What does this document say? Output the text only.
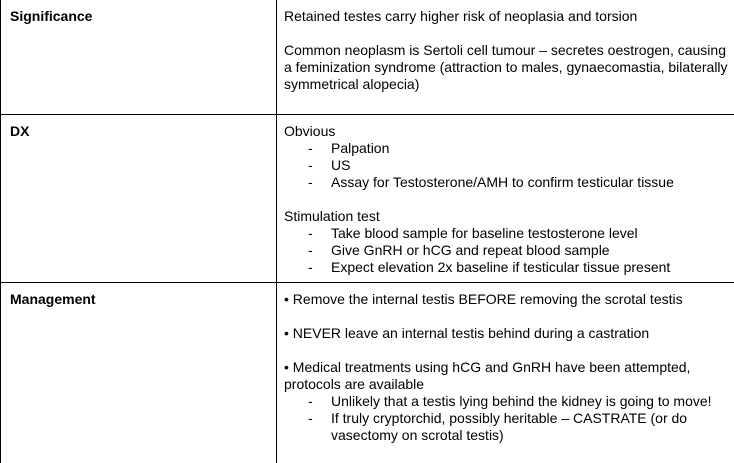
Significance	Retained testes carry higher risk of neoplasia and torsion

Common neoplasm is Sertoli cell tumour – secretes oestrogen, causing a feminization syndrome (attraction to males, gynaecomastia, bilaterally symmetrical alopecia)

DX	Obvious

- Palpation
- US
- Assay for Testosterone/AMH to confirm testicular tissue

Stimulation test

- Take blood sample for baseline testosterone level
- Give GnRH or hCG and repeat blood sample
- Expect elevation 2x baseline if testicular tissue present
Management	• Remove the internal testis BEFORE removing the scrotal testis

• NEVER leave an internal testis behind during a castration

• Medical treatments using hCG and GnRH have been attempted, protocols are available

- Unlikely that a testis lying behind the kidney is going to move!
- If truly cryptorchid, possibly heritable – CASTRATE (or do vasectomy on scrotal testis)
